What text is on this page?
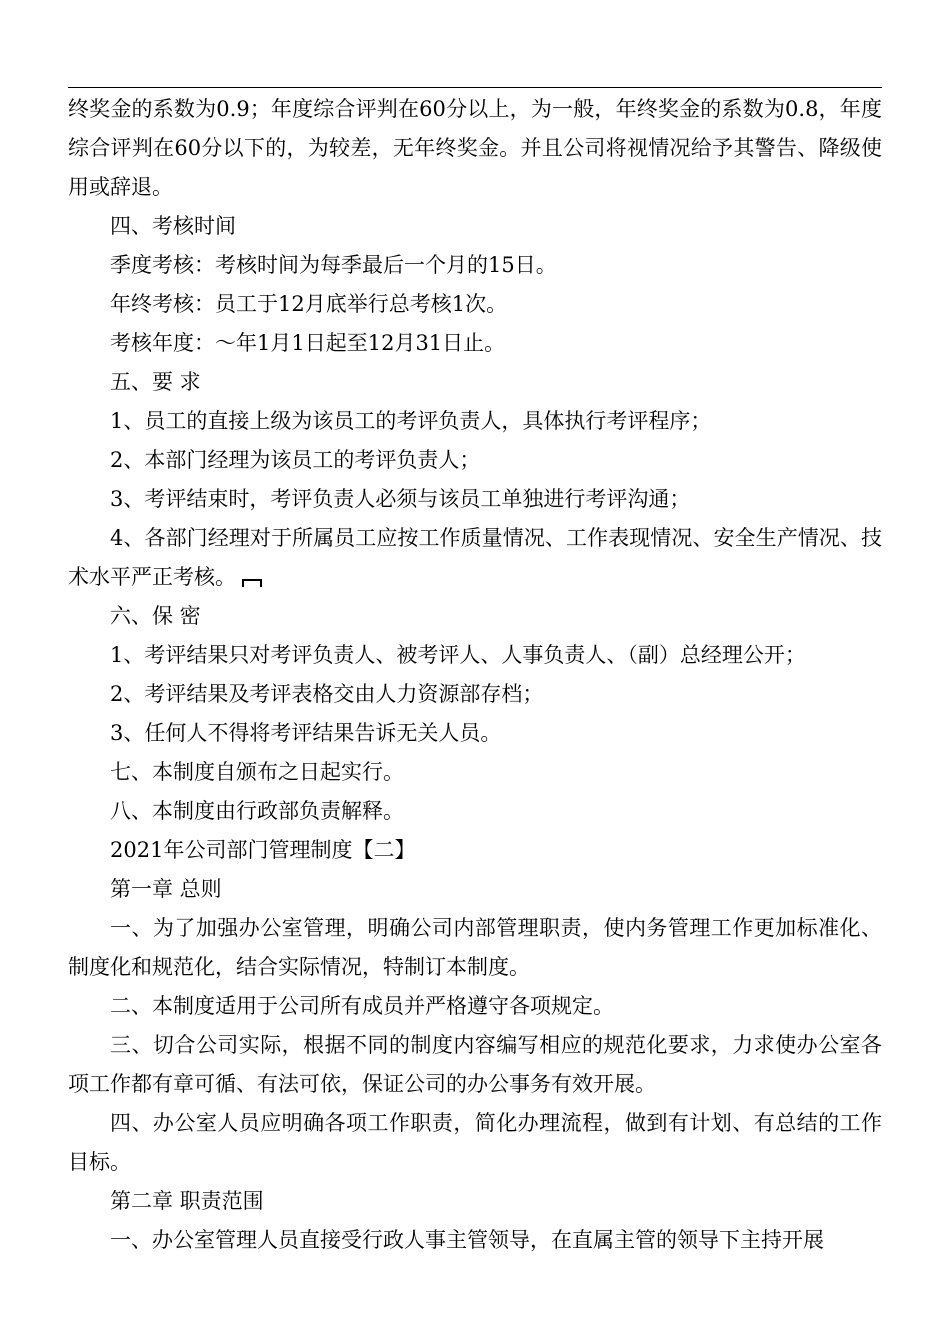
终奖金的系数为0.9；年度综合评判在60分以上，为一般，年终奖金的系数为0.8，年度综合评判在60分以下的，为较差，无年终奖金。并且公司将视情况给予其警告、降级使用或辞退。

四、考核时间

季度考核：考核时间为每季最后一个月的15日。

年终考核：员工于12月底举行总考核1次。

考核年度：～年1月1日起至12月31日止。

五、要 求

1、员工的直接上级为该员工的考评负责人，具体执行考评程序；

2、本部门经理为该员工的考评负责人；

3、考评结束时，考评负责人必须与该员工单独进行考评沟通；

4、各部门经理对于所属员工应按工作质量情况、工作表现情况、安全生产情况、技术水平严正考核。

六、保 密

1、考评结果只对考评负责人、被考评人、人事负责人、（副）总经理公开；

2、考评结果及考评表格交由人力资源部存档；

3、任何人不得将考评结果告诉无关人员。

七、本制度自颁布之日起实行。

八、本制度由行政部负责解释。

2021年公司部门管理制度【二】

第一章 总则

一、为了加强办公室管理，明确公司内部管理职责，使内务管理工作更加标准化、制度化和规范化，结合实际情况，特制订本制度。

二、本制度适用于公司所有成员并严格遵守各项规定。

三、切合公司实际，根据不同的制度内容编写相应的规范化要求，力求使办公室各项工作都有章可循、有法可依，保证公司的办公事务有效开展。

四、办公室人员应明确各项工作职责，简化办理流程，做到有计划、有总结的工作目标。

第二章 职责范围

一、办公室管理人员直接受行政人事主管领导，在直属主管的领导下主持开展
